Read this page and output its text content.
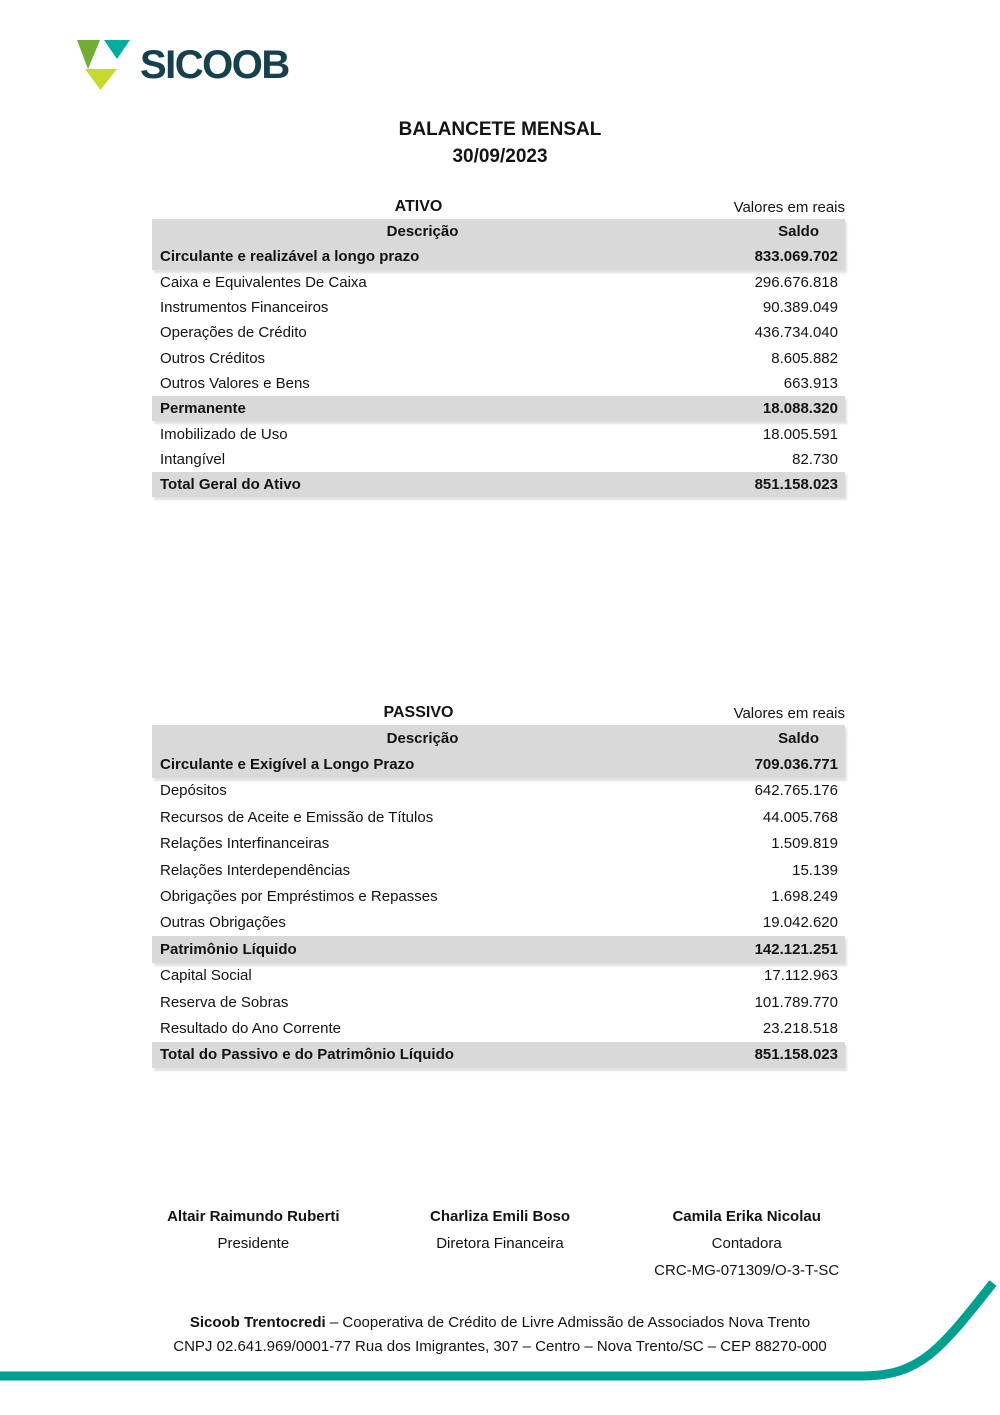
SICOOB
BALANCETE MENSAL
30/09/2023
ATIVO	Valores em reais
Descrição	Saldo
Circulante e realizável a longo prazo	833.069.702
Caixa e Equivalentes De Caixa	296.676.818
Instrumentos Financeiros	90.389.049
Operações de Crédito	436.734.040
Outros Créditos	8.605.882
Outros Valores e Bens	663.913
Permanente	18.088.320
Imobilizado de Uso	18.005.591
Intangível	82.730
Total Geral do Ativo	851.158.023
PASSIVO	Valores em reais
Descrição	Saldo
Circulante e Exigível a Longo Prazo	709.036.771
Depósitos	642.765.176
Recursos de Aceite e Emissão de Títulos	44.005.768
Relações Interfinanceiras	1.509.819
Relações Interdependências	15.139
Obrigações por Empréstimos e Repasses	1.698.249
Outras Obrigações	19.042.620
Patrimônio Líquido	142.121.251
Capital Social	17.112.963
Reserva de Sobras	101.789.770
Resultado do Ano Corrente	23.218.518
Total do Passivo e do Patrimônio Líquido	851.158.023
Altair Raimundo Ruberti
Presidente
Charliza Emili Boso
Diretora Financeira
Camila Erika Nicolau
Contadora
CRC-MG-071309/O-3-T-SC
Sicoob Trentocredi – Cooperativa de Crédito de Livre Admissão de Associados Nova Trento
CNPJ 02.641.969/0001-77 Rua dos Imigrantes, 307 – Centro – Nova Trento/SC – CEP 88270-000
